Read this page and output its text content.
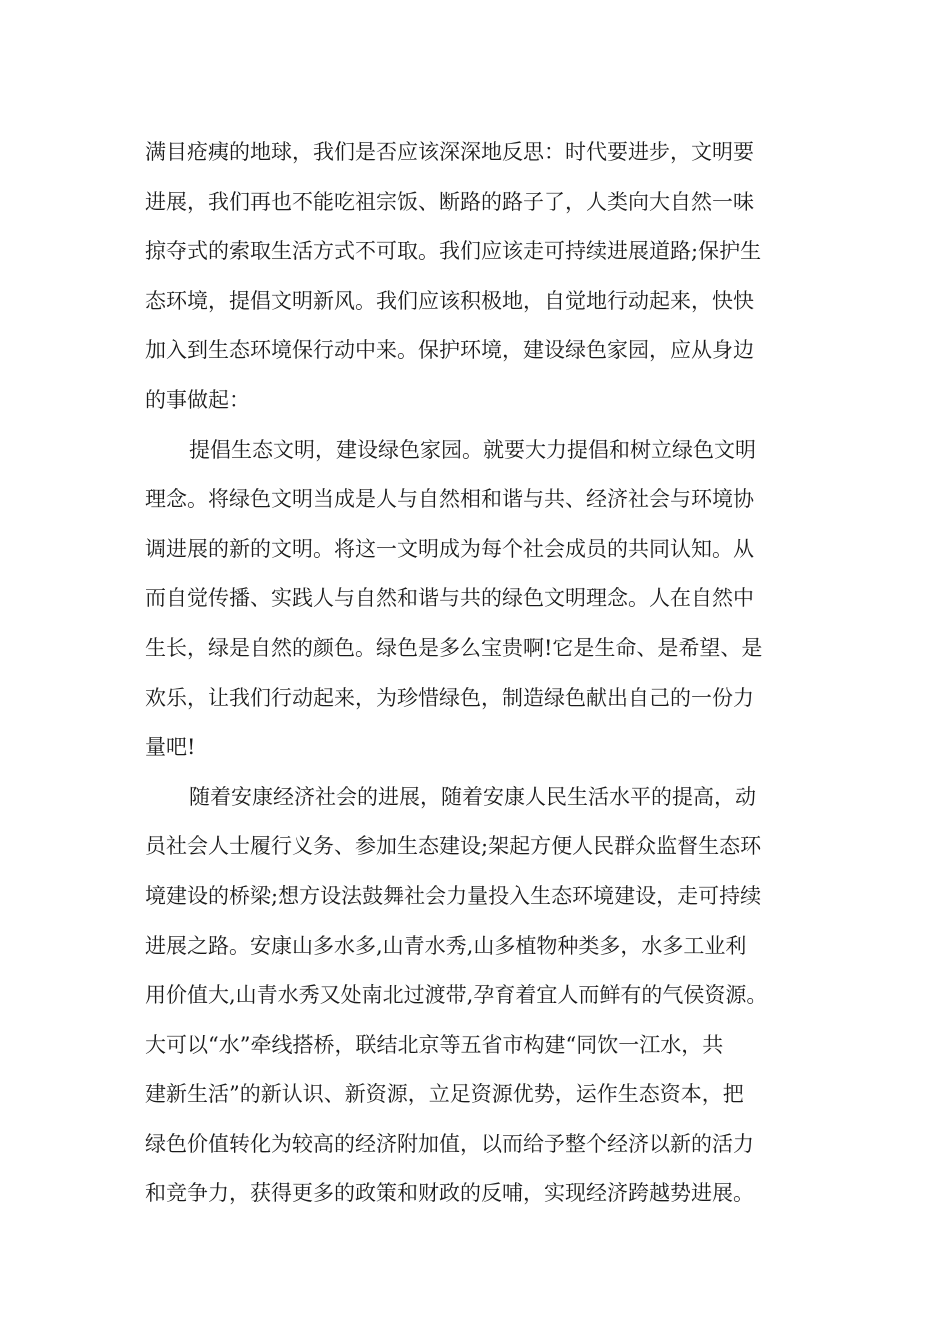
满目疮痍的地球，我们是否应该深深地反思：时代要进步，文明要
进展，我们再也不能吃祖宗饭、断路的路子了，人类向大自然一味
掠夺式的索取生活方式不可取。我们应该走可持续进展道路;保护生
态环境，提倡文明新风。我们应该积极地，自觉地行动起来，快快
加入到生态环境保行动中来。保护环境，建设绿色家园，应从身边
的事做起：
提倡生态文明，建设绿色家园。就要大力提倡和树立绿色文明
理念。将绿色文明当成是人与自然相和谐与共、经济社会与环境协
调进展的新的文明。将这一文明成为每个社会成员的共同认知。从
而自觉传播、实践人与自然和谐与共的绿色文明理念。人在自然中
生长，绿是自然的颜色。绿色是多么宝贵啊!它是生命、是希望、是
欢乐，让我们行动起来，为珍惜绿色，制造绿色献出自己的一份力
量吧!
随着安康经济社会的进展，随着安康人民生活水平的提高，动
员社会人士履行义务、参加生态建设;架起方便人民群众监督生态环
境建设的桥梁;想方设法鼓舞社会力量投入生态环境建设，走可持续
进展之路。安康山多水多,山青水秀,山多植物种类多，水多工业利
用价值大,山青水秀又处南北过渡带,孕育着宜人而鲜有的气侯资源。
大可以“水”牵线搭桥，联结北京等五省市构建“同饮一江水，共
建新生活”的新认识、新资源，立足资源优势，运作生态资本，把
绿色价值转化为较高的经济附加值，以而给予整个经济以新的活力
和竞争力，获得更多的政策和财政的反哺，实现经济跨越势进展。
